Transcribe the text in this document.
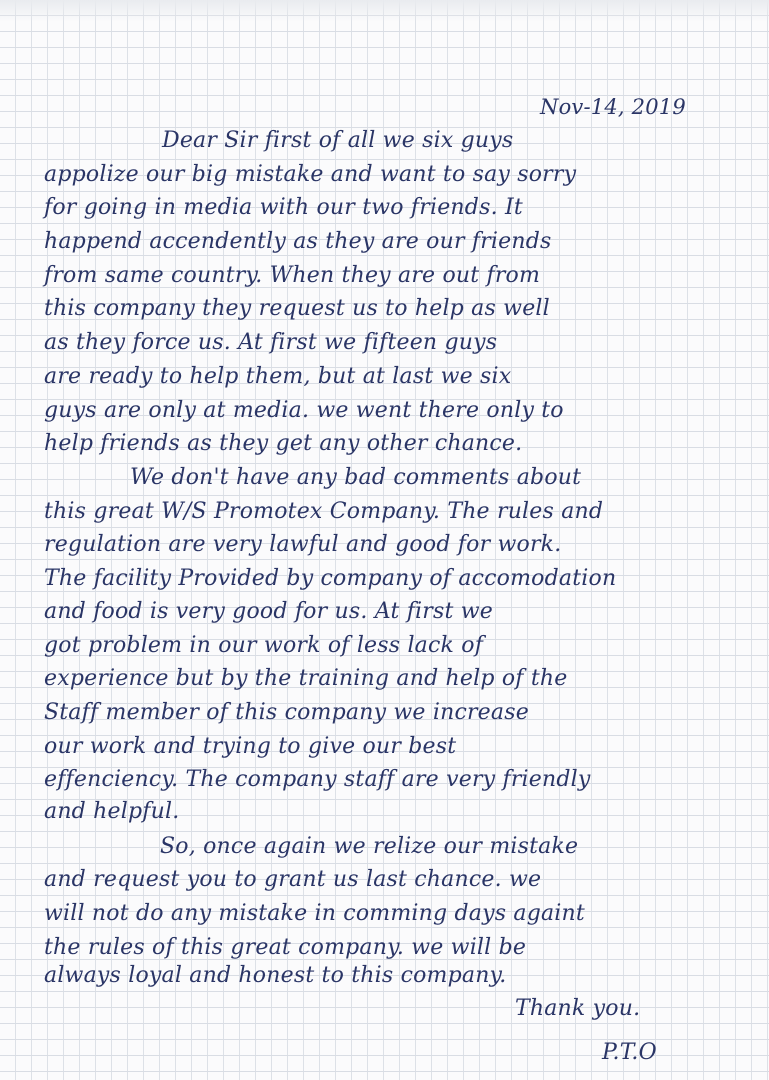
Nov-14, 2019
Dear Sir first of all we six guys
appolize our big mistake and want to say sorry
for going in media with our two friends. It
happend accendently as they are our friends
from same country. When they are out from
this company they request us to help as well
as they force us. At first we fifteen guys
are ready to help them, but at last we six
guys are only at media. we went there only to
help friends as they get any other chance.
We don't have any bad comments about
this great W/S Promotex Company. The rules and
regulation are very lawful and good for work.
The facility Provided by company of accomodation
and food is very good for us. At first we
got problem in our work of less lack of
experience but by the training and help of the
Staff member of this company we increase
our work and trying to give our best
effenciency. The company staff are very friendly
and helpful.
So, once again we relize our mistake
and request you to grant us last chance. we
will not do any mistake in comming days againt
the rules of this great company. we will be
always loyal and honest to this company.
Thank you.
P.T.O
